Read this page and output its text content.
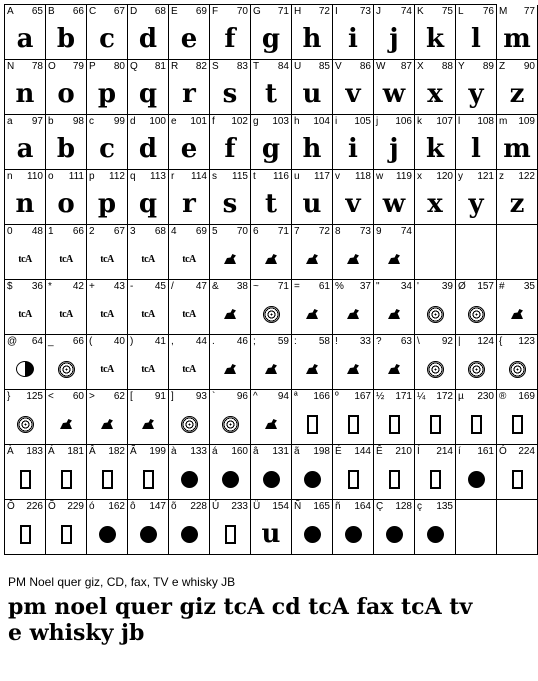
A 65
a
B 66
b
C 67
c
D 68
d
E 69
e
F 70
f
G 71
g
H 72
h
I 73
i
J 74
j
K 75
k
L 76
l
M 77
m
N 78
n
O 79
o
P 80
p
Q 81
q
R 82
r
S 83
s
T 84
t
U 85
u
V 86
v
W 87
w
X 88
x
Y 89
y
Z 90
z
a 97
a
b 98
b
c 99
c
d 100
d
e 101
e
f 102
f
g 103
g
h 104
h
i 105
i
j 106
j
k 107
k
l 108
l
m 109
m
n 110
n
o 111
o
p 112
p
q 113
q
r 114
r
s 115
s
t 116
t
u 117
u
v 118
v
w 119
w
x 120
x
y 121
y
z 122
z
0 48
tcA
1 66
tcA
2 67
tcA
3 68
tcA
4 69
tcA
5 70 6 71 7 72 8 73 9 74
$ 36
tcA
* 42
tcA
+ 43
tcA
- 45
tcA
/ 47
tcA
& 38 ~ 71 = 61 % 37 " 34 ' 39 Ø 157 # 35
@ 64 _ 66 ( 40
tcA
) 41
tcA
, 44
tcA
. 46 ; 59 : 58 ! 33 ? 63 \ 92 | 124 { 123
} 125 < 60 > 62 [ 91 ] 93 ` 96 ^ 94 ª 166 º 167 ½ 171 ¼ 172 µ 230 ® 169
À 183 Á 181 Â 182 Ã 199 à 133 á 160 â 131 ã 198 É 144 Ê 210 Í 214 í 161 Ó 224
Ô 226 Õ 229 ó 162 ô 147 õ 228 Ú 233 Ü 154
u
Ñ 165 ñ 164 Ç 128 ç 135
PM Noel quer giz, CD, fax, TV e whisky JB
pm noel quer giz tcA cd tcA fax tcA tv e whisky jb
